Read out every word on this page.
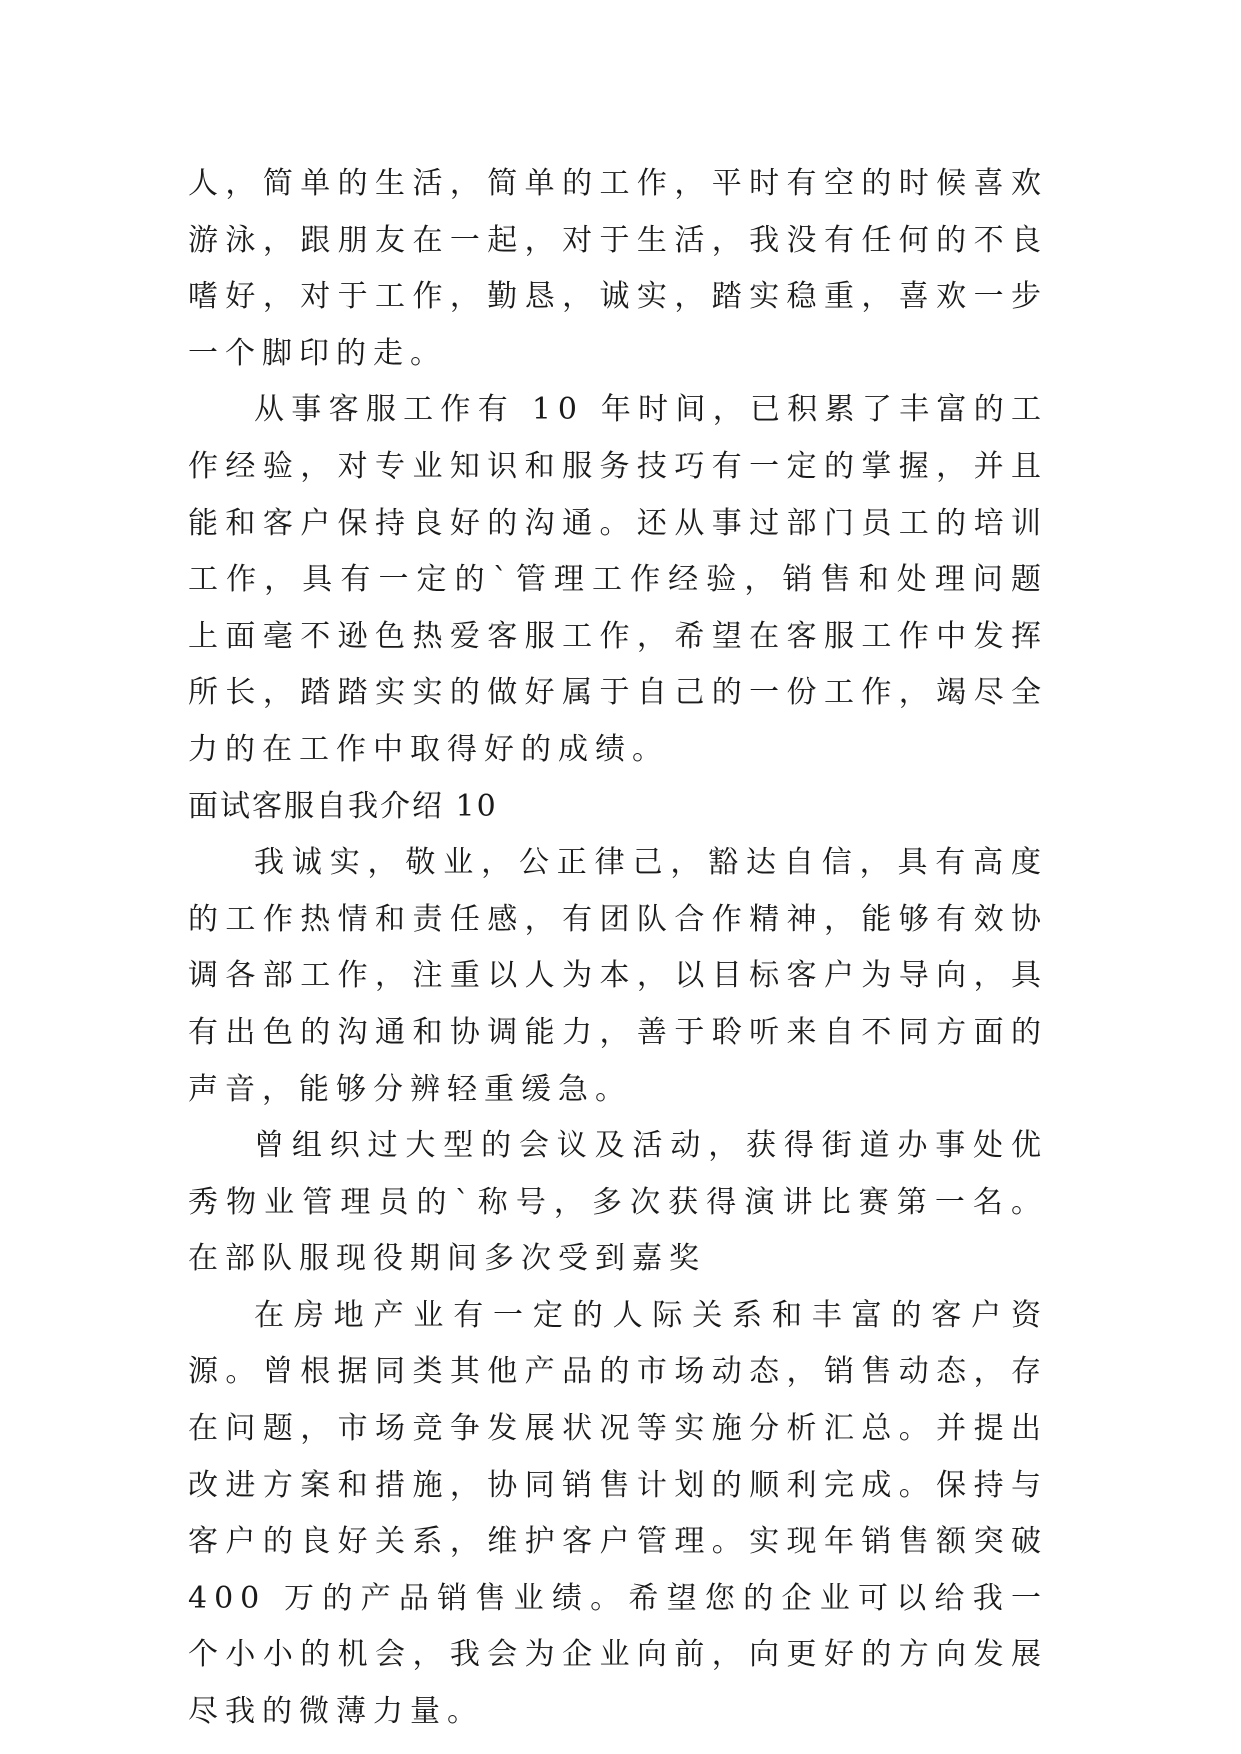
人，简单的生活，简单的工作，平时有空的时候喜欢游泳，跟朋友在一起，对于生活，我没有任何的不良嗜好，对于工作，勤恳，诚实，踏实稳重，喜欢一步一个脚印的走。

从事客服工作有 10 年时间，已积累了丰富的工作经验，对专业知识和服务技巧有一定的掌握，并且能和客户保持良好的沟通。还从事过部门员工的培训工作，具有一定的`管理工作经验，销售和处理问题上面毫不逊色热爱客服工作，希望在客服工作中发挥所长，踏踏实实的做好属于自己的一份工作，竭尽全力的在工作中取得好的成绩。

面试客服自我介绍 10

我诚实，敬业，公正律己，豁达自信，具有高度的工作热情和责任感，有团队合作精神，能够有效协调各部工作，注重以人为本，以目标客户为导向，具有出色的沟通和协调能力，善于聆听来自不同方面的声音，能够分辨轻重缓急。

曾组织过大型的会议及活动，获得街道办事处优秀物业管理员的`称号，多次获得演讲比赛第一名。在部队服现役期间多次受到嘉奖

在房地产业有一定的人际关系和丰富的客户资源。曾根据同类其他产品的市场动态，销售动态，存在问题，市场竞争发展状况等实施分析汇总。并提出改进方案和措施，协同销售计划的顺利完成。保持与客户的良好关系，维护客户管理。实现年销售额突破 400 万的产品销售业绩。希望您的企业可以给我一个小小的机会，我会为企业向前，向更好的方向发展尽我的微薄力量。
